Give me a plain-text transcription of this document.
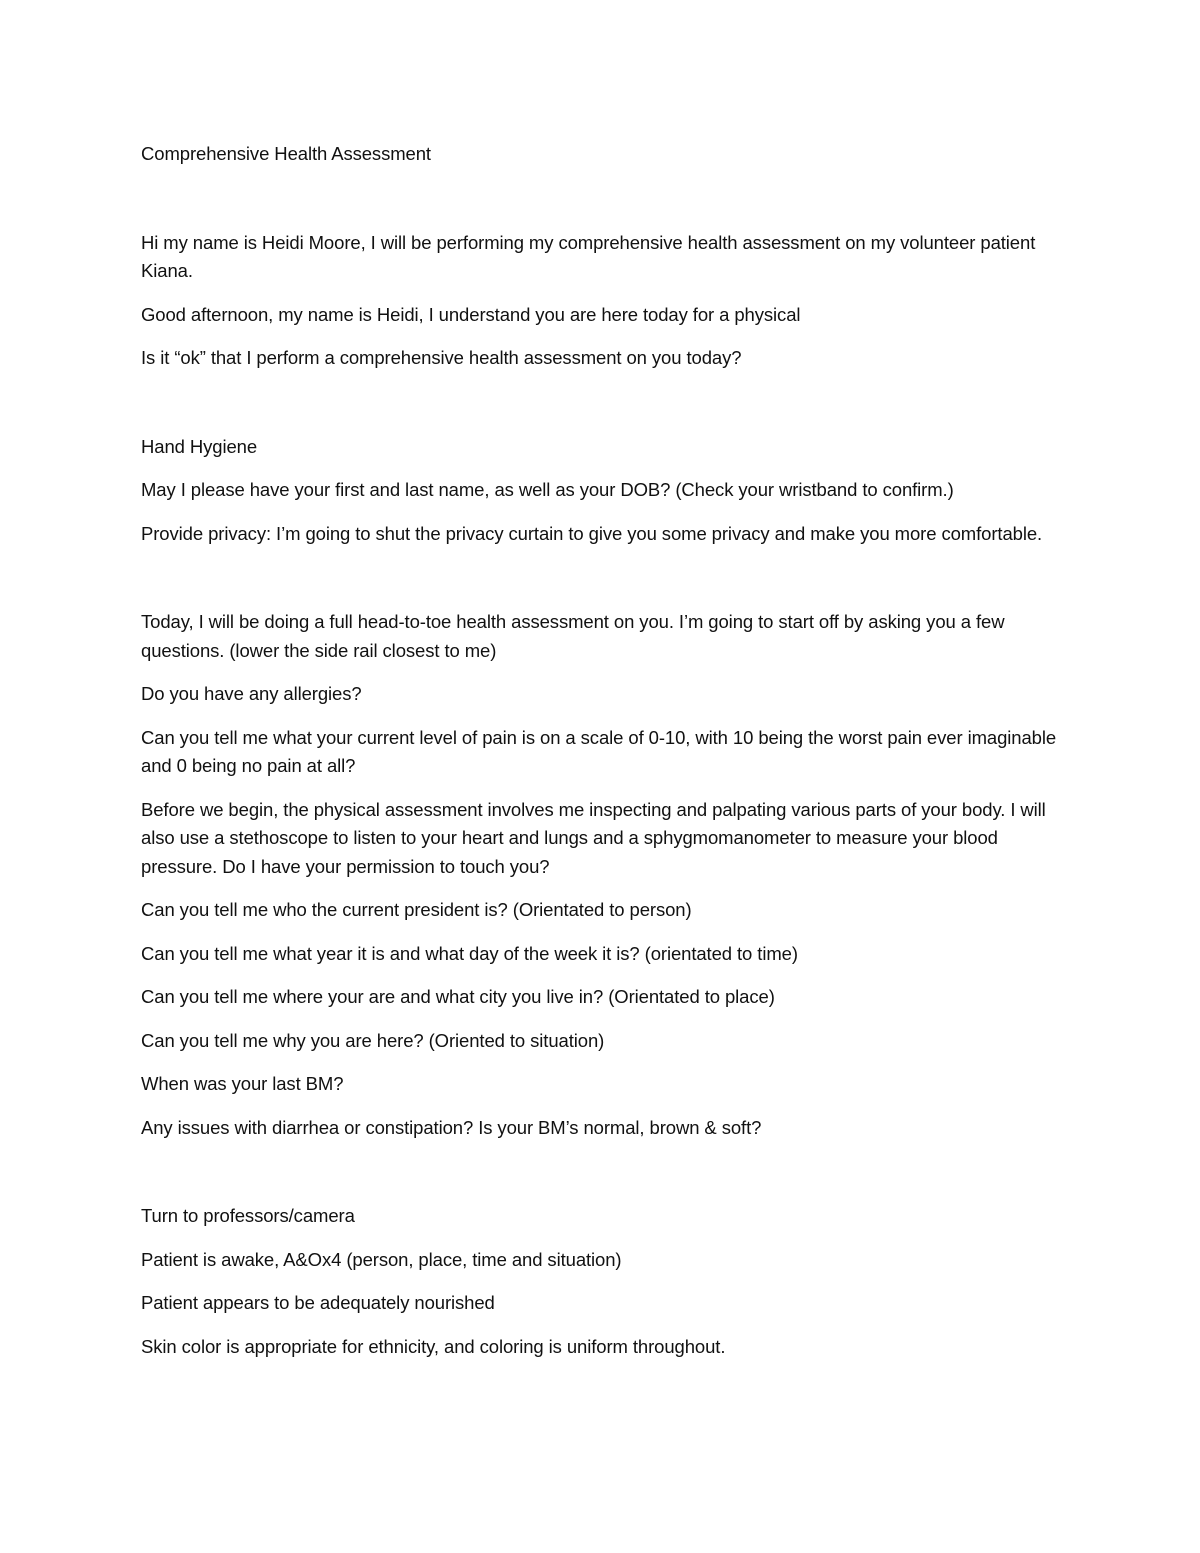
Comprehensive Health Assessment

Hi my name is Heidi Moore, I will be performing my comprehensive health assessment on my volunteer patient Kiana.

Good afternoon, my name is Heidi, I understand you are here today for a physical

Is it “ok” that I perform a comprehensive health assessment on you today?

Hand Hygiene

May I please have your first and last name, as well as your DOB? (Check your wristband to confirm.)

Provide privacy: I’m going to shut the privacy curtain to give you some privacy and make you more comfortable.

Today, I will be doing a full head-to-toe health assessment on you. I’m going to start off by asking you a few questions. (lower the side rail closest to me)

Do you have any allergies?

Can you tell me what your current level of pain is on a scale of 0-10, with 10 being the worst pain ever imaginable and 0 being no pain at all?

Before we begin, the physical assessment involves me inspecting and palpating various parts of your body. I will also use a stethoscope to listen to your heart and lungs and a sphygmomanometer to measure your blood pressure. Do I have your permission to touch you?

Can you tell me who the current president is? (Orientated to person)

Can you tell me what year it is and what day of the week it is? (orientated to time)

Can you tell me where your are and what city you live in? (Orientated to place)

Can you tell me why you are here? (Oriented to situation)

When was your last BM?

Any issues with diarrhea or constipation? Is your BM’s normal, brown & soft?

Turn to professors/camera

Patient is awake, A&Ox4 (person, place, time and situation)

Patient appears to be adequately nourished

Skin color is appropriate for ethnicity, and coloring is uniform throughout.
